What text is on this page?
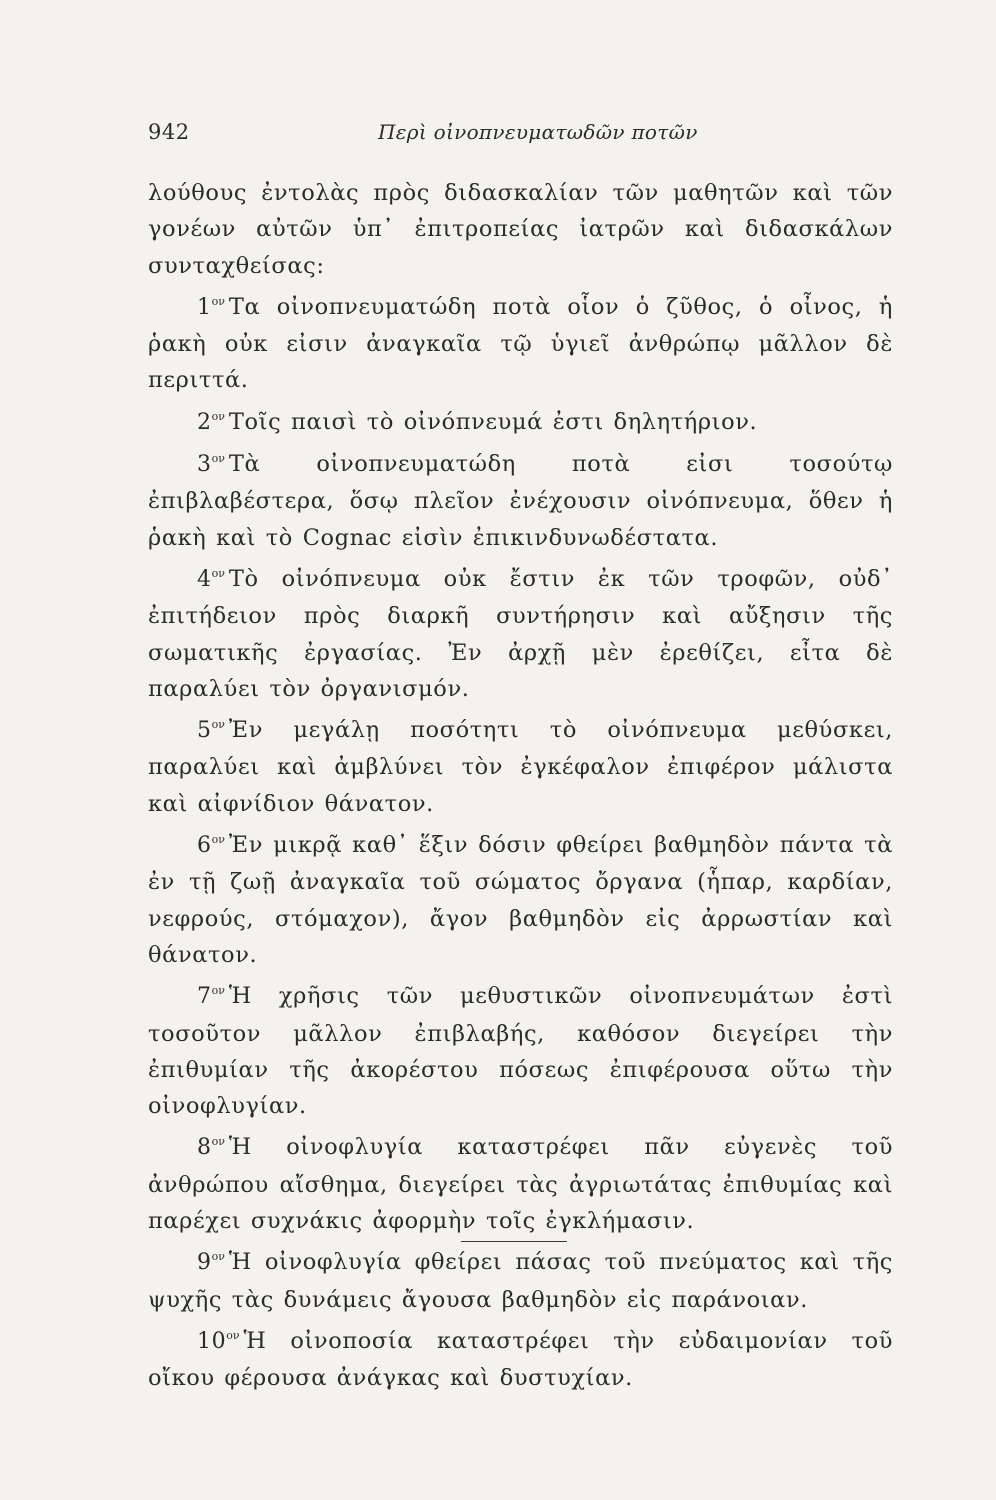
942	Περὶ οἰνοπνευματωδῶν ποτῶν

λούθους ἐντολὰς πρὸς διδασκαλίαν τῶν μαθητῶν καὶ τῶν γονέων αὐτῶν ὑπ᾽ ἐπιτροπείας ἰατρῶν καὶ διδασκάλων συνταχθείσας:

$1^{o\nu}$ Τα οἰνοπνευματώδη ποτὰ οἷον ὁ ζῦθος, ὁ οἶνος, ἡ ῥακὴ οὐκ εἰσιν ἀναγκαῖα τῷ ὑγιεῖ ἀνθρώπῳ μᾶλλον δὲ περιττά.

$2^{o\nu}$ Τοῖς παισὶ τὸ οἰνόπνευμά ἐστι δηλητήριον.

$3^{o\nu}$ Τὰ οἰνοπνευματώδη ποτὰ εἰσι τοσούτῳ ἐπιβλαβέστερα, ὅσῳ πλεῖον ἐνέχουσιν οἰνόπνευμα, ὅθεν ἡ ῥακὴ καὶ τὸ Cognac εἰσὶν ἐπικινδυνωδέστατα.

$4^{o\nu}$ Τὸ οἰνόπνευμα οὐκ ἔστιν ἐκ τῶν τροφῶν, οὐδ᾽ ἐπιτήδειον πρὸς διαρκῆ συντήρησιν καὶ αὔξησιν τῆς σωματικῆς ἐργασίας. Ἐν ἀρχῇ μὲν ἐρεθίζει, εἶτα δὲ παραλύει τὸν ὀργανισμόν.

$5^{o\nu}$ Ἐν μεγάλῃ ποσότητι τὸ οἰνόπνευμα μεθύσκει, παραλύει καὶ ἀμβλύνει τὸν ἐγκέφαλον ἐπιφέρον μάλιστα καὶ αἰφνίδιον θάνατον.

$6^{o\nu}$ Ἐν μικρᾷ καθ᾽ ἕξιν δόσιν φθείρει βαθμηδὸν πάντα τὰ ἐν τῇ ζωῇ ἀναγκαῖα τοῦ σώματος ὄργανα (ἧπαρ, καρδίαν, νεφρούς, στόμαχον), ἄγον βαθμηδὸν εἰς ἀρρωστίαν καὶ θάνατον.

$7^{o\nu}$ Ἡ χρῆσις τῶν μεθυστικῶν οἰνοπνευμάτων ἐστὶ τοσοῦτον μᾶλλον ἐπιβλαβής, καθόσον διεγείρει τὴν ἐπιθυμίαν τῆς ἀκορέστου πόσεως ἐπιφέρουσα οὕτω τὴν οἰνοφλυγίαν.

$8^{o\nu}$ Ἡ οἰνοφλυγία καταστρέφει πᾶν εὐγενὲς τοῦ ἀνθρώπου αἴσθημα, διεγείρει τὰς ἀγριωτάτας ἐπιθυμίας καὶ παρέχει συχνάκις ἀφορμὴν τοῖς ἐγκλήμασιν.

$9^{o\nu}$ Ἡ οἰνοφλυγία φθείρει πάσας τοῦ πνεύματος καὶ τῆς ψυχῆς τὰς δυνάμεις ἄγουσα βαθμηδὸν εἰς παράνοιαν.

$10^{o\nu}$ Ἡ οἰνοποσία καταστρέφει τὴν εὐδαιμονίαν τοῦ οἴκου φέρουσα ἀνάγκας καὶ δυστυχίαν.
